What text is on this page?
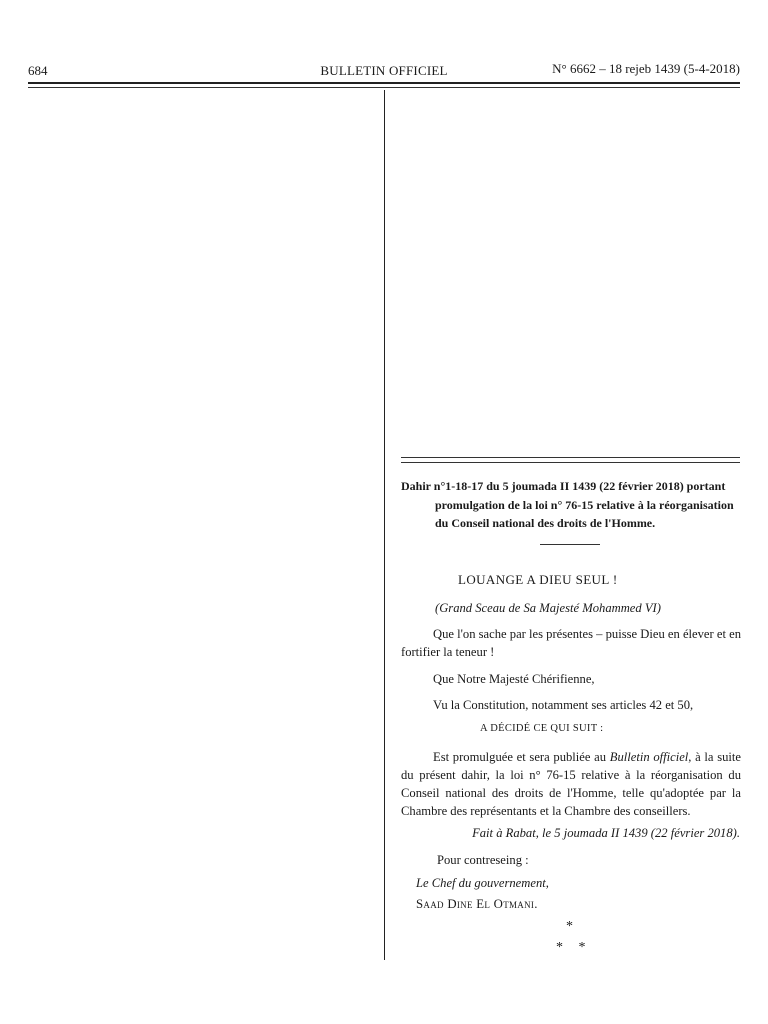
684	BULLETIN OFFICIEL	N° 6662 – 18 rejeb 1439 (5-4-2018)

Dahir n°1-18-17 du 5 joumada II 1439 (22 février 2018) portant promulgation de la loi n° 76-15 relative à la réorganisation du Conseil national des droits de l'Homme.

LOUANGE A DIEU SEUL !
(Grand Sceau de Sa Majesté Mohammed VI)

Que l'on sache par les présentes – puisse Dieu en élever et en fortifier la teneur !

Que Notre Majesté Chérifienne,

Vu la Constitution, notamment ses articles 42 et 50,

A DÉCIDÉ CE QUI SUIT :

Est promulguée et sera publiée au Bulletin officiel, à la suite du présent dahir, la loi n° 76-15 relative à la réorganisation du Conseil national des droits de l'Homme, telle qu'adoptée par la Chambre des représentants et la Chambre des conseillers.

Fait à Rabat, le 5 joumada II 1439 (22 février 2018).
Pour contreseing :
Le Chef du gouvernement,
Saad Dine El Otmani.
*
* *
